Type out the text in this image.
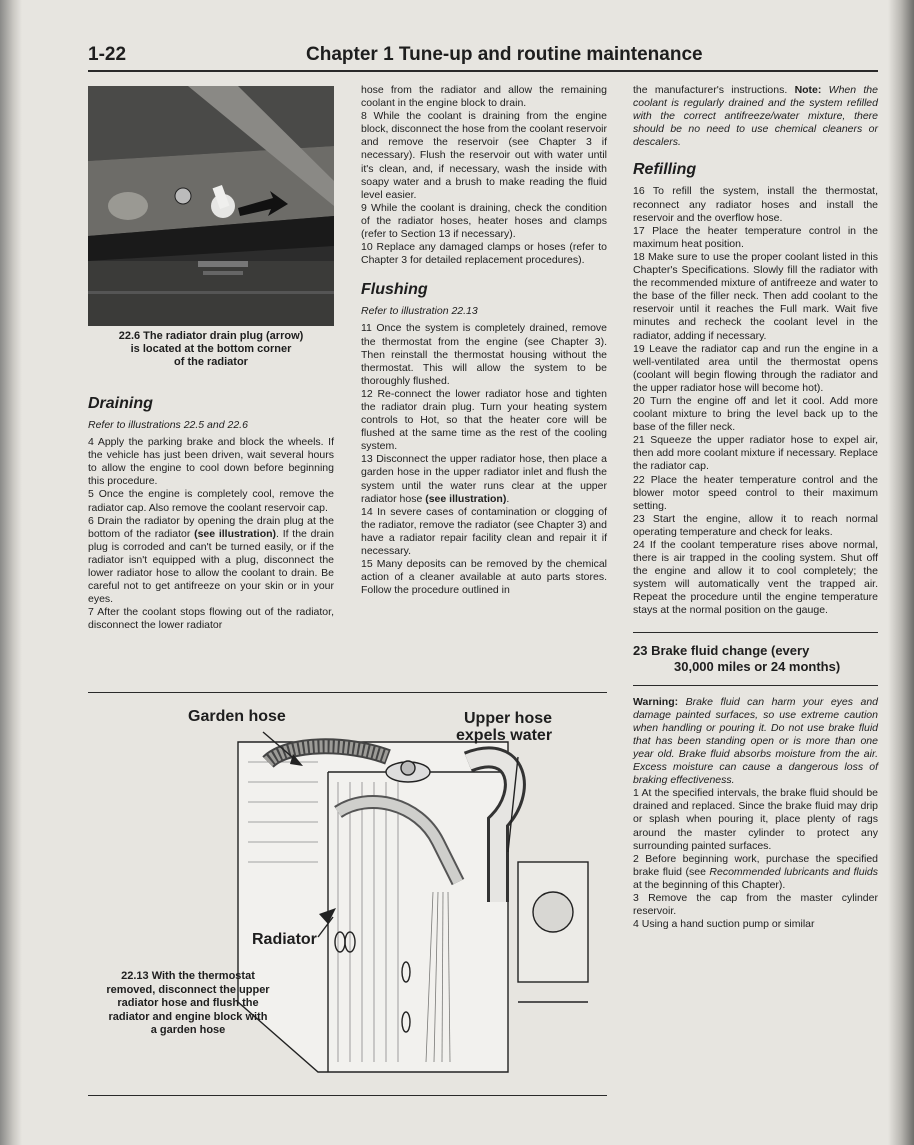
1-22	Chapter 1 Tune-up and routine maintenance
22.6 The radiator drain plug (arrow)
is located at the bottom corner
of the radiator
Draining

Refer to illustrations 22.5 and 22.6

4 Apply the parking brake and block the wheels. If the vehicle has just been driven, wait several hours to allow the engine to cool down before beginning this procedure.

5 Once the engine is completely cool, remove the radiator cap. Also remove the coolant reservoir cap.

6 Drain the radiator by opening the drain plug at the bottom of the radiator (see illustration). If the drain plug is corroded and can't be turned easily, or if the radiator isn't equipped with a plug, disconnect the lower radiator hose to allow the coolant to drain. Be careful not to get antifreeze on your skin or in your eyes.

7 After the coolant stops flowing out of the radiator, disconnect the lower radiator

hose from the radiator and allow the remaining coolant in the engine block to drain.

8 While the coolant is draining from the engine block, disconnect the hose from the coolant reservoir and remove the reservoir (see Chapter 3 if necessary). Flush the reservoir out with water until it's clean, and, if necessary, wash the inside with soapy water and a brush to make reading the fluid level easier.

9 While the coolant is draining, check the condition of the radiator hoses, heater hoses and clamps (refer to Section 13 if necessary).

10 Replace any damaged clamps or hoses (refer to Chapter 3 for detailed replacement procedures).

Flushing

Refer to illustration 22.13

11 Once the system is completely drained, remove the thermostat from the engine (see Chapter 3). Then reinstall the thermostat housing without the thermostat. This will allow the system to be thoroughly flushed.

12 Re-connect the lower radiator hose and tighten the radiator drain plug. Turn your heating system controls to Hot, so that the heater core will be flushed at the same time as the rest of the cooling system.

13 Disconnect the upper radiator hose, then place a garden hose in the upper radiator inlet and flush the system until the water runs clear at the upper radiator hose (see illustration).

14 In severe cases of contamination or clogging of the radiator, remove the radiator (see Chapter 3) and have a radiator repair facility clean and repair it if necessary.

15 Many deposits can be removed by the chemical action of a cleaner available at auto parts stores. Follow the procedure outlined in

the manufacturer's instructions. Note: When the coolant is regularly drained and the system refilled with the correct antifreeze/water mixture, there should be no need to use chemical cleaners or descalers.

Refilling

16 To refill the system, install the thermostat, reconnect any radiator hoses and install the reservoir and the overflow hose.

17 Place the heater temperature control in the maximum heat position.

18 Make sure to use the proper coolant listed in this Chapter's Specifications. Slowly fill the radiator with the recommended mixture of antifreeze and water to the base of the filler neck. Then add coolant to the reservoir until it reaches the Full mark. Wait five minutes and recheck the coolant level in the radiator, adding if necessary.

19 Leave the radiator cap and run the engine in a well-ventilated area until the thermostat opens (coolant will begin flowing through the radiator and the upper radiator hose will become hot).

20 Turn the engine off and let it cool. Add more coolant mixture to bring the level back up to the base of the filler neck.

21 Squeeze the upper radiator hose to expel air, then add more coolant mixture if necessary. Replace the radiator cap.

22 Place the heater temperature control and the blower motor speed control to their maximum setting.

23 Start the engine, allow it to reach normal operating temperature and check for leaks.

24 If the coolant temperature rises above normal, there is air trapped in the cooling system. Shut off the engine and allow it to cool completely; the system will automatically vent the trapped air. Repeat the procedure until the engine temperature stays at the normal position on the gauge.

23 Brake fluid change (every
30,000 miles or 24 months)

Warning: Brake fluid can harm your eyes and damage painted surfaces, so use extreme caution when handling or pouring it. Do not use brake fluid that has been standing open or is more than one year old. Brake fluid absorbs moisture from the air. Excess moisture can cause a dangerous loss of braking effectiveness.

1 At the specified intervals, the brake fluid should be drained and replaced. Since the brake fluid may drip or splash when pouring it, place plenty of rags around the master cylinder to protect any surrounding painted surfaces.

2 Before beginning work, purchase the specified brake fluid (see Recommended lubricants and fluids at the beginning of this Chapter).

3 Remove the cap from the master cylinder reservoir.

4 Using a hand suction pump or similar

Garden hose	Upper hose
expels water
Radiator
22.13 With the thermostat
removed, disconnect the upper
radiator hose and flush the
radiator and engine block with
a garden hose
